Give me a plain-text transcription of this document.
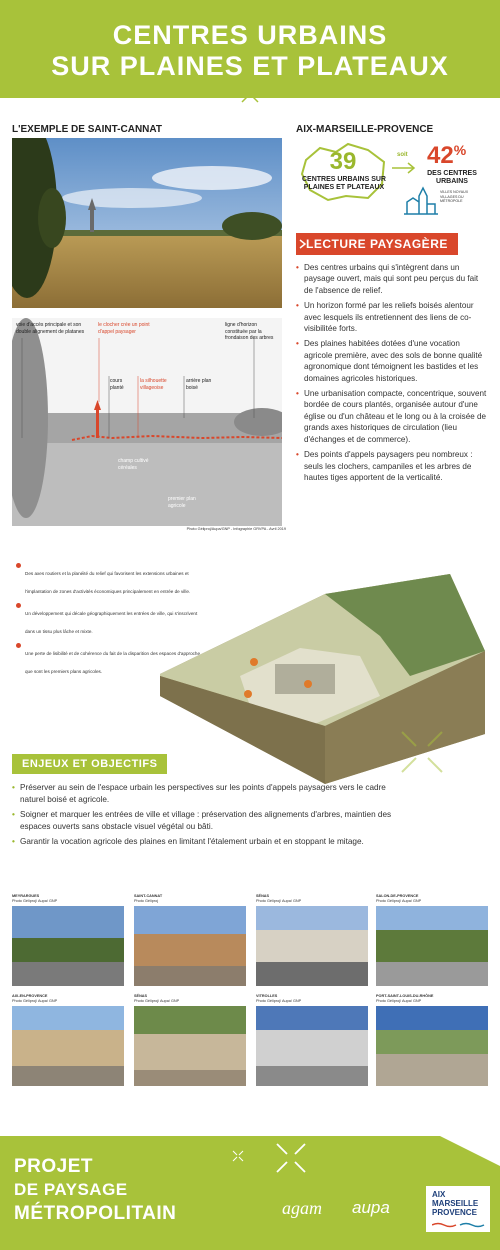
CENTRES URBAINS
SUR PLAINES ET PLATEAUX
L'EXEMPLE DE SAINT-CANNAT
voie d'accès principale et son double alignement de platanes
le clocher crée un point d'appel paysager
ligne d'horizon constituée par la frondaison des arbres
cours planté
la silhouette villageoise
arrière plan boisé
champ cultivé céréales
premier plan agricole
Photo Géliproj/Aupa/GNP - Infographie GRVPA - Avril 2019
AIX-MARSEILLE-PROVENCE
39
CENTRES URBAINS SUR PLAINES ET PLATEAUX
soit 42%
DES CENTRES URBAINS
VILLES NOYAUX VILLAGES DU MÉTROPOLE
LECTURE PAYSAGÈRE
• Des centres urbains qui s'intègrent dans un paysage ouvert, mais qui sont peu perçus du fait de l'absence de relief.
• Un horizon formé par les reliefs boisés alentour avec lesquels ils entretiennent des liens de co-visibilitée forts.
• Des plaines habitées dotées d'une vocation agricole première, avec des sols de bonne qualité agronomique dont témoignent les bastides et les domaines agricoles historiques.
• Une urbanisation compacte, concentrique, souvent bordée de cours plantés, organisée autour d'une église ou d'un château et le long ou à la croisée de grands axes historiques de circulation (lieu d'échanges et de commerce).
• Des points d'appels paysagers peu nombreux : seuls les clochers, campaniles et les arbres de hautes tiges apportent de la verticalité.
Des axes routiers et la planéité du relief qui favorisent les extensions urbaines et l'implantation de zones d'activités économiques principalement en entrée de ville.
Un développement qui décale géographiquement les entrées de ville, qui s'inscrivent dans un tissu plus lâche et mixte.
Une perte de lisibilité et de cohérence du fait de la disparition des espaces d'approche que sont les premiers plans agricoles.
ENJEUX ET OBJECTIFS
• Préserver au sein de l'espace urbain les perspectives sur les points d'appels paysagers vers le cadre naturel boisé et agricole.
• Soigner et marquer les entrées de ville et village : préservation des alignements d'arbres, maintien des espaces ouverts sans obstacle visuel végétal ou bâti.
• Garantir la vocation agricole des plaines en limitant l'étalement urbain et en stoppant le mitage.
MEYRARGUES
Photo Géliproj/ Aupa/ GNP
SAINT-CANNAT
Photo Géliproj
SÉNAS
Photo Géliproj/ Aupa/ GNP
SALON-DE-PROVENCE
Photo Géliproj/ Aupa/ GNP
AIX-EN-PROVENCE
Photo Géliproj/ Aupa/ GNP
SÉNAS
Photo Géliproj/ Aupa/ GNP
VITROLLES
Photo Géliproj/ Aupa/ GNP
PORT-SAINT-LOUIS-DU-RHÔNE
Photo Géliproj/ Aupa/ GNP
PROJET
DE PAYSAGE
MÉTROPOLITAIN	agam aupa
AIX
MARSEILLE
PROVENCE
